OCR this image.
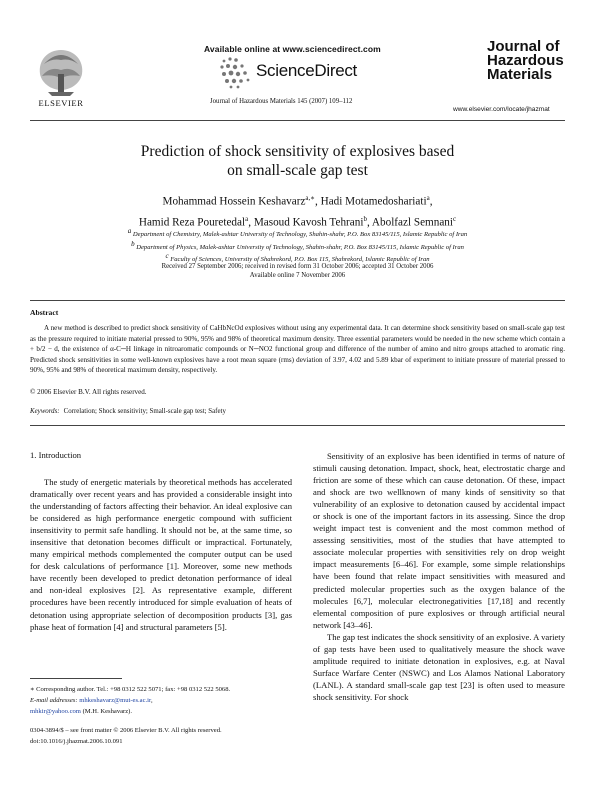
ELSEVIER
Available online at www.sciencedirect.com
ScienceDirect
Journal of Hazardous Materials 145 (2007) 109–112
Journal of
Hazardous
Materials
www.elsevier.com/locate/jhazmat
Prediction of shock sensitivity of explosives based
on small-scale gap test
Mohammad Hossein Keshavarz$^{a,∗}$, Hadi Motamedoshariati$^a$,
Hamid Reza Pouretedal$^a$, Masoud Kavosh Tehrani$^b$, Abolfazl Semnani$^c$
$^a$ Department of Chemistry, Malek-ashtar University of Technology, Shahin-shahr, P.O. Box 83145/115, Islamic Republic of Iran
$^b$ Department of Physics, Malek-ashtar University of Technology, Shahin-shahr, P.O. Box 83145/115, Islamic Republic of Iran
$^c$ Faculty of Sciences, University of Shahrekord, P.O. Box 115, Shahrekord, Islamic Republic of Iran
Received 27 September 2006; received in revised form 31 October 2006; accepted 31 October 2006
Available online 7 November 2006
Abstract
A new method is described to predict shock sensitivity of CaHbNcOd explosives without using any experimental data. It can determine shock sensitivity based on small-scale gap test as the pressure required to initiate material pressed to 90%, 95% and 98% of theoretical maximum density. Three essential parameters would be needed in the new scheme which contain a + b/2 − d, the existence of α-C─H linkage in nitroaromatic compounds or N─NO2 functional group and difference of the number of amino and nitro groups attached to aromatic ring. Predicted shock sensitivities in some well-known explosives have a root mean square (rms) deviation of 3.97, 4.02 and 5.89 kbar of experiment to initiate pressure of material pressed to 90%, 95% and 98% of theoretical maximum density, respectively.
© 2006 Elsevier B.V. All rights reserved.
Keywords: Correlation; Shock sensitivity; Small-scale gap test; Safety
1. Introduction

The study of energetic materials by theoretical methods has accelerated dramatically over recent years and has provided a considerable insight into the understanding of factors affecting their behavior. An ideal explosive can be considered as high performance energetic compound with sufficient insensitivity to permit safe handling. It should not be, at the same time, so insensitive that detonation becomes difficult or impractical. Fortunately, many empirical methods complemented the computer output can be used for desk calculations of performance [1]. Moreover, some new methods have recently been developed to predict detonation performance of ideal and non-ideal explosives [2]. As representative example, different procedures have been recently introduced for simple evaluation of heats of detonation using appropriate selection of decomposition products [3], gas phase heat of formation [4] and structural parameters [5].

Sensitivity of an explosive has been identified in terms of nature of stimuli causing detonation. Impact, shock, heat, electrostatic charge and friction are some of these which can cause detonation. Of these, impact and shock are two wellknown of many kinds of sensitivity so that vulnerability of an explosive to detonation caused by accidental impact or shock is one of the important factors in its assessing. Since the drop weight impact test is convenient and the most common method of assessing sensitivities, most of the studies that have attempted to associate molecular properties with sensitivities rely on drop weight impact measurements [6–46]. For example, some simple relationships have been found that relate impact sensitivities with measured and predicted molecular properties such as the oxygen balance of the molecules [6,7], molecular electronegativities [17,18] and recently elemental composition of pure explosives or through artificial neural network [43–46].

The gap test indicates the shock sensitivity of an explosive. A variety of gap tests have been used to qualitatively measure the shock wave amplitude required to initiate detonation in explosives, e.g. at Naval Surface Warfare Center (NSWC) and Los Alamos National Laboratory (LANL). A standard small-scale gap test [23] is often used to measure shock sensitivity. For shock

∗ Corresponding author. Tel.: +98 0312 522 5071; fax: +98 0312 522 5068.
E-mail addresses: mhkeshavarz@mut-es.ac.ir,
mhkir@yahoo.com (M.H. Keshavarz).
0304-3894/$ – see front matter © 2006 Elsevier B.V. All rights reserved.
doi:10.1016/j.jhazmat.2006.10.091
